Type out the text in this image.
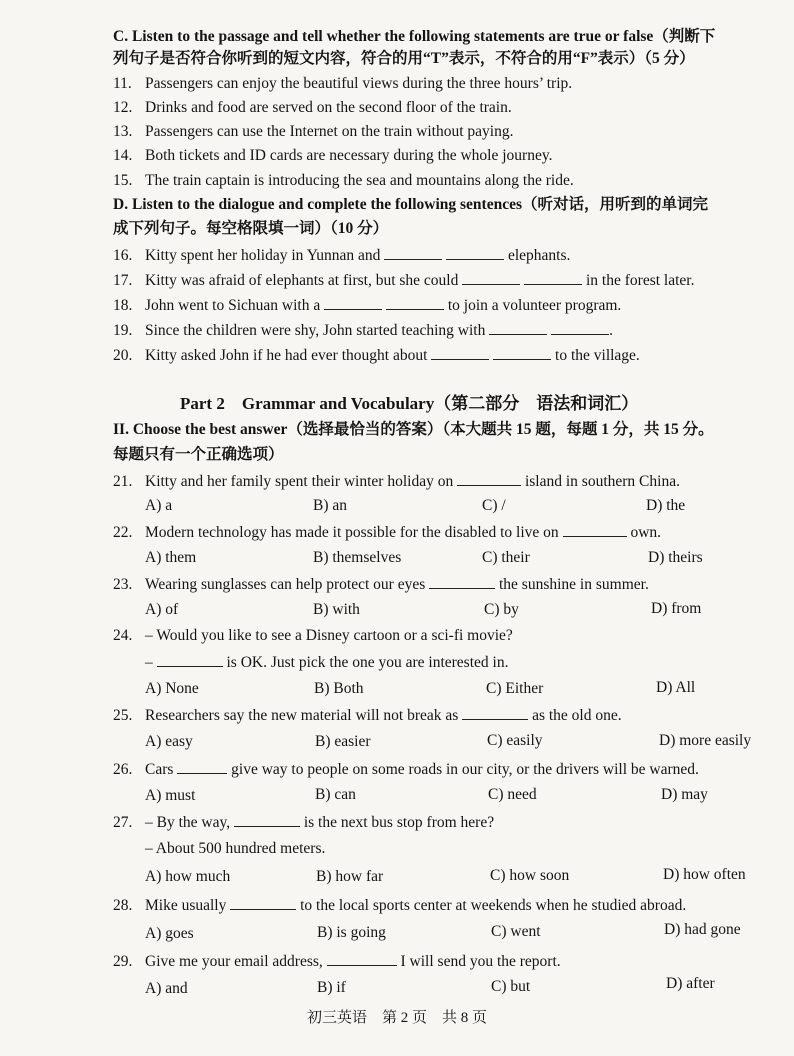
C. Listen to the passage and tell whether the following statements are true or false（判断下
列句子是否符合你听到的短文内容，符合的用“T”表示，不符合的用“F”表示）（5 分）
11. Passengers can enjoy the beautiful views during the three hours’ trip.
12. Drinks and food are served on the second floor of the train.
13. Passengers can use the Internet on the train without paying.
14. Both tickets and ID cards are necessary during the whole journey.
15. The train captain is introducing the sea and mountains along the ride.
D. Listen to the dialogue and complete the following sentences（听对话，用听到的单词完
成下列句子。每空格限填一词）（10 分）
16. Kitty spent her holiday in Yunnan and	elephants.
17. Kitty was afraid of elephants at first, but she could	in the forest later.
18. John went to Sichuan with a	to join a volunteer program.
19. Since the children were shy, John started teaching with	.
20. Kitty asked John if he had ever thought about	to the village.
Part 2    Grammar and Vocabulary（第二部分    语法和词汇）
II. Choose the best answer（选择最恰当的答案）（本大题共 15 题，每题 1 分，共 15 分。
每题只有一个正确选项）
21. Kitty and her family spent their winter holiday on	island in southern China.
A) a	B) an	C) /	D) the
22. Modern technology has made it possible for the disabled to live on	own.
A) them	B) themselves	C) their	D) theirs
23. Wearing sunglasses can help protect our eyes	the sunshine in summer.
A) of	B) with	C) by	D) from
24. – Would you like to see a Disney cartoon or a sci-fi movie?
–	is OK. Just pick the one you are interested in.
A) None	B) Both	C) Either	D) All
25. Researchers say the new material will not break as	as the old one.
A) easy	B) easier	C) easily	D) more easily
26. Cars	give way to people on some roads in our city, or the drivers will be warned.
A) must	B) can	C) need	D) may
27. – By the way,	is the next bus stop from here?
– About 500 hundred meters.
A) how much	B) how far	C) how soon	D) how often
28. Mike usually	to the local sports center at weekends when he studied abroad.
A) goes	B) is going	C) went	D) had gone
29. Give me your email address,	I will send you the report.
A) and	B) if	C) but	D) after
初三英语    第 2 页    共 8 页
